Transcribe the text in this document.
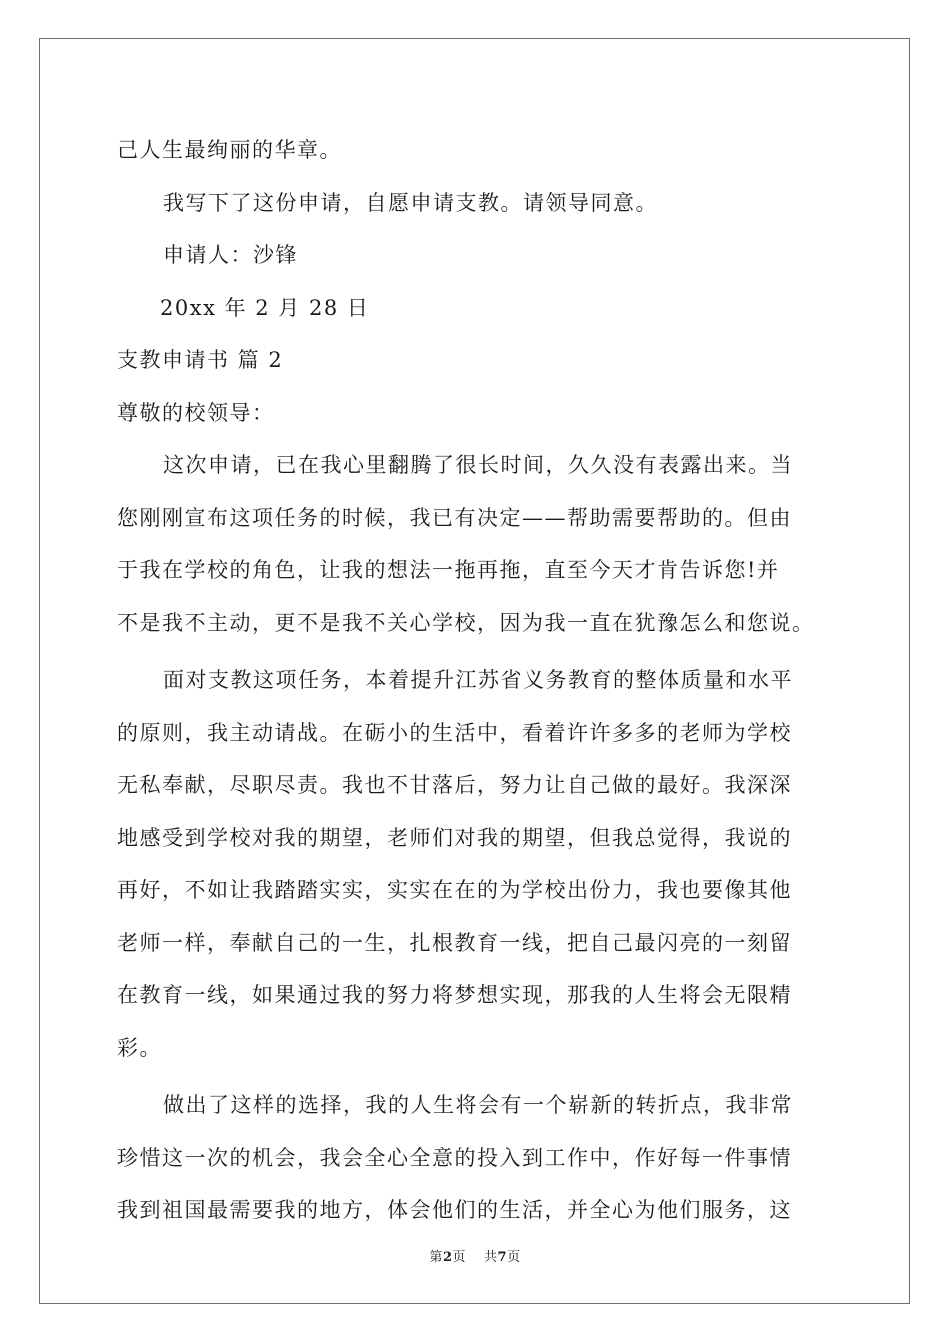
己人生最绚丽的华章。
我写下了这份申请，自愿申请支教。请领导同意。
申请人：沙锋
20xx 年 2 月 28 日
支教申请书 篇 2
尊敬的校领导：
这次申请，已在我心里翻腾了很长时间，久久没有表露出来。当
您刚刚宣布这项任务的时候，我已有决定——帮助需要帮助的。但由
于我在学校的角色，让我的想法一拖再拖，直至今天才肯告诉您!并
不是我不主动，更不是我不关心学校，因为我一直在犹豫怎么和您说。
面对支教这项任务，本着提升江苏省义务教育的整体质量和水平
的原则，我主动请战。在砺小的生活中，看着许许多多的老师为学校
无私奉献，尽职尽责。我也不甘落后，努力让自己做的最好。我深深
地感受到学校对我的期望，老师们对我的期望，但我总觉得，我说的
再好，不如让我踏踏实实，实实在在的为学校出份力，我也要像其他
老师一样，奉献自己的一生，扎根教育一线，把自己最闪亮的一刻留
在教育一线，如果通过我的努力将梦想实现，那我的人生将会无限精
彩。
做出了这样的选择，我的人生将会有一个崭新的转折点，我非常
珍惜这一次的机会，我会全心全意的投入到工作中，作好每一件事情
我到祖国最需要我的地方，体会他们的生活，并全心为他们服务，这
第2页 共7页
